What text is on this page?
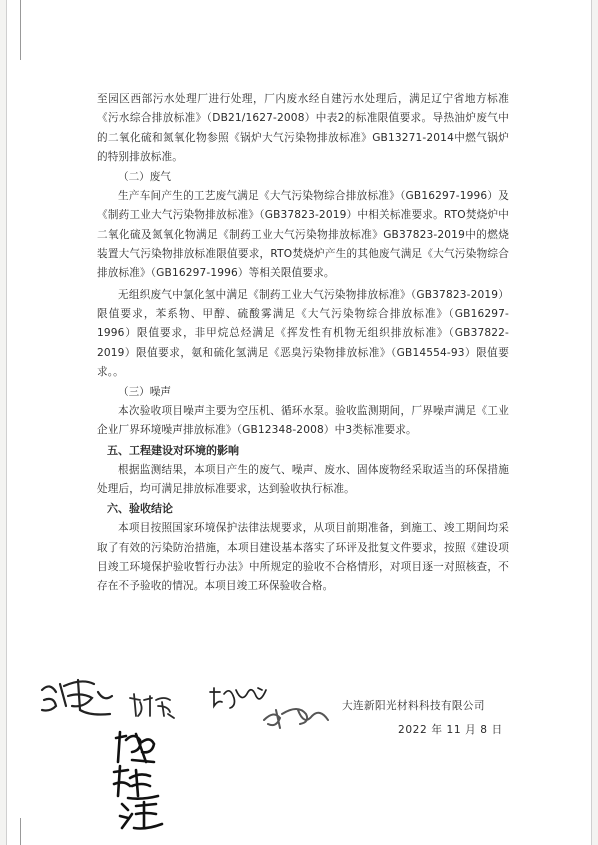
至园区西部污水处理厂进行处理，厂内废水经自建污水处理后，满足辽宁省地方标准《污水综合排放标准》（DB21/1627-2008）中表2的标准限值要求。导热油炉废气中的二氧化硫和氮氧化物参照《锅炉大气污染物排放标准》GB13271-2014中燃气锅炉的特别排放标准。

（二）废气

生产车间产生的工艺废气满足《大气污染物综合排放标准》（GB16297-1996）及《制药工业大气污染物排放标准》（GB37823-2019）中相关标准要求。RTO焚烧炉中二氧化硫及氮氧化物满足《制药工业大气污染物排放标准》GB37823-2019中的燃烧装置大气污染物排放标准限值要求，RTO焚烧炉产生的其他废气满足《大气污染物综合排放标准》（GB16297-1996）等相关限值要求。

无组织废气中氯化氢中满足《制药工业大气污染物排放标准》（GB37823-2019）限值要求，苯系物、甲醇、硫酸雾满足《大气污染物综合排放标准》（GB16297-1996）限值要求，非甲烷总烃满足《挥发性有机物无组织排放标准》（GB37822-2019）限值要求，氨和硫化氢满足《恶臭污染物排放标准》（GB14554-93）限值要求。。

（三）噪声

本次验收项目噪声主要为空压机、循环水泵。验收监测期间，厂界噪声满足《工业企业厂界环境噪声排放标准》（GB12348-2008）中3类标准要求。

五、工程建设对环境的影响

根据监测结果，本项目产生的废气、噪声、废水、固体废物经采取适当的环保措施处理后，均可满足排放标准要求，达到验收执行标准。

六、验收结论

本项目按照国家环境保护法律法规要求，从项目前期准备，到施工、竣工期间均采取了有效的污染防治措施，本项目建设基本落实了环评及批复文件要求，按照《建设项目竣工环境保护验收暂行办法》中所规定的验收不合格情形，对项目逐一对照核查，不存在不予验收的情况。本项目竣工环保验收合格。

大连新阳光材料科技有限公司
2022 年 11 月 8 日
